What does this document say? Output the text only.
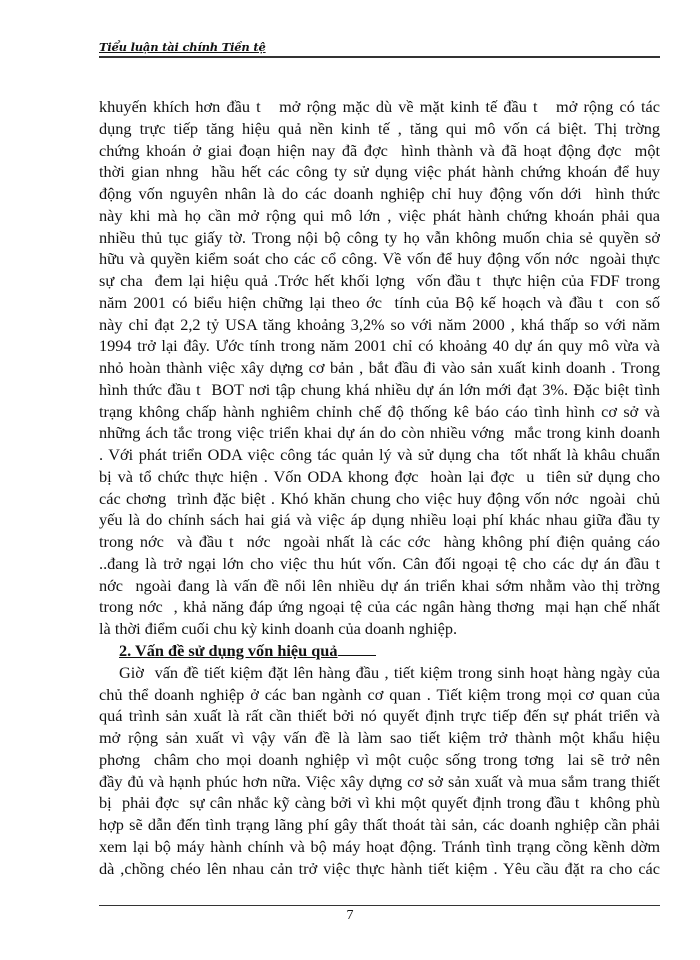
Tiểu luận tài chính Tiền tệ
khuyến khích hơn đầu t   mở rộng mặc dù về mặt kinh tế đầu t   mở rộng có tác
dụng trực tiếp tăng hiệu quả nền kinh tế , tăng qui mô vốn cá biệt. Thị trờng
chứng khoán ở giai đoạn hiện nay đã đợc  hình thành và đã hoạt động đợc  một
thời gian nhng  hầu hết các công ty sử dụng việc phát hành chứng khoán để huy
động vốn nguyên nhân là do các doanh nghiệp chỉ huy động vốn dới  hình thức
này khi mà họ cần mở rộng qui mô lớn , việc phát hành chứng khoán phải qua
nhiều thủ tục giấy tờ. Trong nội bộ công ty họ vẫn không muốn chia sẻ quyền sở
hữu và quyền kiểm soát cho các cổ công. Về vốn để huy động vốn nớc  ngoài thực
sự cha  đem lại hiệu quả .Trớc hết khối lợng  vốn đầu t  thực hiện của FDF trong
năm 2001 có biểu hiện chững lại theo ớc  tính của Bộ kế hoạch và đầu t  con số
này chỉ đạt 2,2 tỷ USA tăng khoảng 3,2% so với năm 2000 , khá thấp so với năm
1994 trở lại đây. Ước tính trong năm 2001 chỉ có khoảng 40 dự án quy mô vừa và
nhỏ hoàn thành việc xây dựng cơ bản , bắt đầu đi vào sản xuất kinh doanh . Trong
hình thức đầu t  BOT nơi tập chung khá nhiều dự án lớn mới đạt 3%. Đặc biệt tình
trạng không chấp hành nghiêm chỉnh chế độ thống kê báo cáo tình hình cơ sở và
những ách tắc trong việc triển khai dự án do còn nhiều vớng  mắc trong kinh doanh
. Với phát triển ODA việc công tác quản lý và sử dụng cha  tốt nhất là khâu chuẩn
bị và tổ chức thực hiện . Vốn ODA khong đợc  hoàn lại đợc  u  tiên sử dụng cho
các chơng  trình đặc biệt . Khó khăn chung cho việc huy động vốn nớc  ngoài  chủ
yếu là do chính sách hai giá và việc áp dụng nhiều loại phí khác nhau giữa đầu ty
trong nớc  và đầu t  nớc  ngoài nhất là các cớc  hàng không phí điện quảng cáo
..đang là trở ngại lớn cho việc thu hút vốn. Cân đối ngoại tệ cho các dự án đầu t
nớc  ngoài đang là vấn đề nổi lên nhiều dự án triển khai sớm nhằm vào thị trờng
trong nớc  , khả năng đáp ứng ngoại tệ của các ngân hàng thơng  mại hạn chế nhất
là thời điểm cuối chu kỳ kinh doanh của doanh nghiệp.
2. Vấn đề sử dụng vốn hiệu quả
Giờ  vấn đề tiết kiệm đặt lên hàng đầu , tiết kiệm trong sinh hoạt hàng ngày của
chủ thể doanh nghiệp ở các ban ngành cơ quan . Tiết kiệm trong mọi cơ quan của
quá trình sản xuất là rất cần thiết bởi nó quyết định trực tiếp đến sự phát triển và
mở rộng sản xuất vì vậy vấn đề là làm sao tiết kiệm trở thành một khẩu hiệu
phơng  châm cho mọi doanh nghiệp vì một cuộc sống trong tơng  lai sẽ trở nên
đầy đủ và hạnh phúc hơn nữa. Việc xây dựng cơ sở sản xuất và mua sắm trang thiết
bị  phải đợc  sự cân nhắc kỹ càng bởi vì khi một quyết định trong đầu t  không phù
hợp sẽ dẫn đến tình trạng lãng phí gây thất thoát tài sản, các doanh nghiệp cần phải
xem lại bộ máy hành chính và bộ máy hoạt động. Tránh tình trạng cồng kềnh dờm
dà ,chồng chéo lên nhau cản trở việc thực hành tiết kiệm . Yêu cầu đặt ra cho các
7
